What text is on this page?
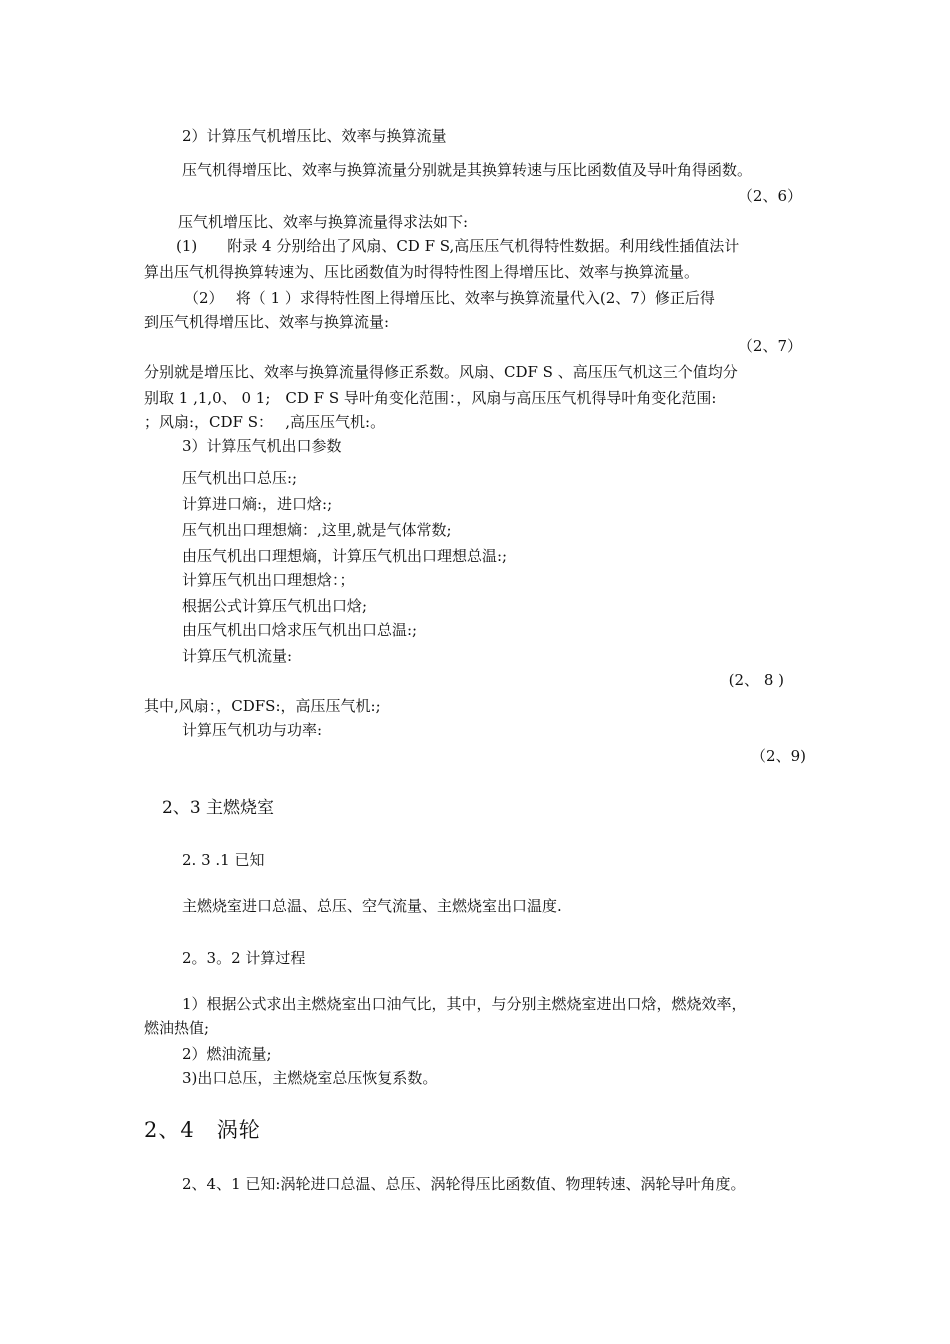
2）计算压气机增压比、效率与换算流量
压气机得增压比、效率与换算流量分别就是其换算转速与压比函数值及导叶角得函数。
（2、6）
压气机增压比、效率与换算流量得求法如下:
(1)　　附录 4 分别给出了风扇、CD F S,高压压气机得特性数据。利用线性插值法计
算出压气机得换算转速为、压比函数值为时得特性图上得增压比、效率与换算流量。
（2）　 将（ 1 ）求得特性图上得增压比、效率与换算流量代入(2、7）修正后得
到压气机得增压比、效率与换算流量:
（2、7）
分别就是增压比、效率与换算流量得修正系数。风扇、CDF S 、高压压气机这三个值均分
别取 1 ,1,0、 0 1;　CD F S 导叶角变化范围：，风扇与高压压气机得导叶角变化范围:
；风扇:，CDF S：　 ,高压压气机:。
3）计算压气机出口参数
压气机出口总压:;
计算进口熵:，进口焓:;
压气机出口理想熵：,这里,就是气体常数;
由压气机出口理想熵，计算压气机出口理想总温:;
计算压气机出口理想焓：；
根据公式计算压气机出口焓;
由压气机出口焓求压气机出口总温:;
计算压气机流量:
(2、 8 )
其中,风扇：，CDFS:，高压压气机:;
计算压气机功与功率:
（2、9)
2、3 主燃烧室
2. 3 .1 已知
主燃烧室进口总温、总压、空气流量、主燃烧室出口温度.
2。3。2 计算过程
1）根据公式求出主燃烧室出口油气比，其中，与分别主燃烧室进出口焓，燃烧效率，
燃油热值;
2）燃油流量;
3)出口总压，主燃烧室总压恢复系数。
2、4　涡轮
2、4、1 已知:涡轮进口总温、总压、涡轮得压比函数值、物理转速、涡轮导叶角度。
